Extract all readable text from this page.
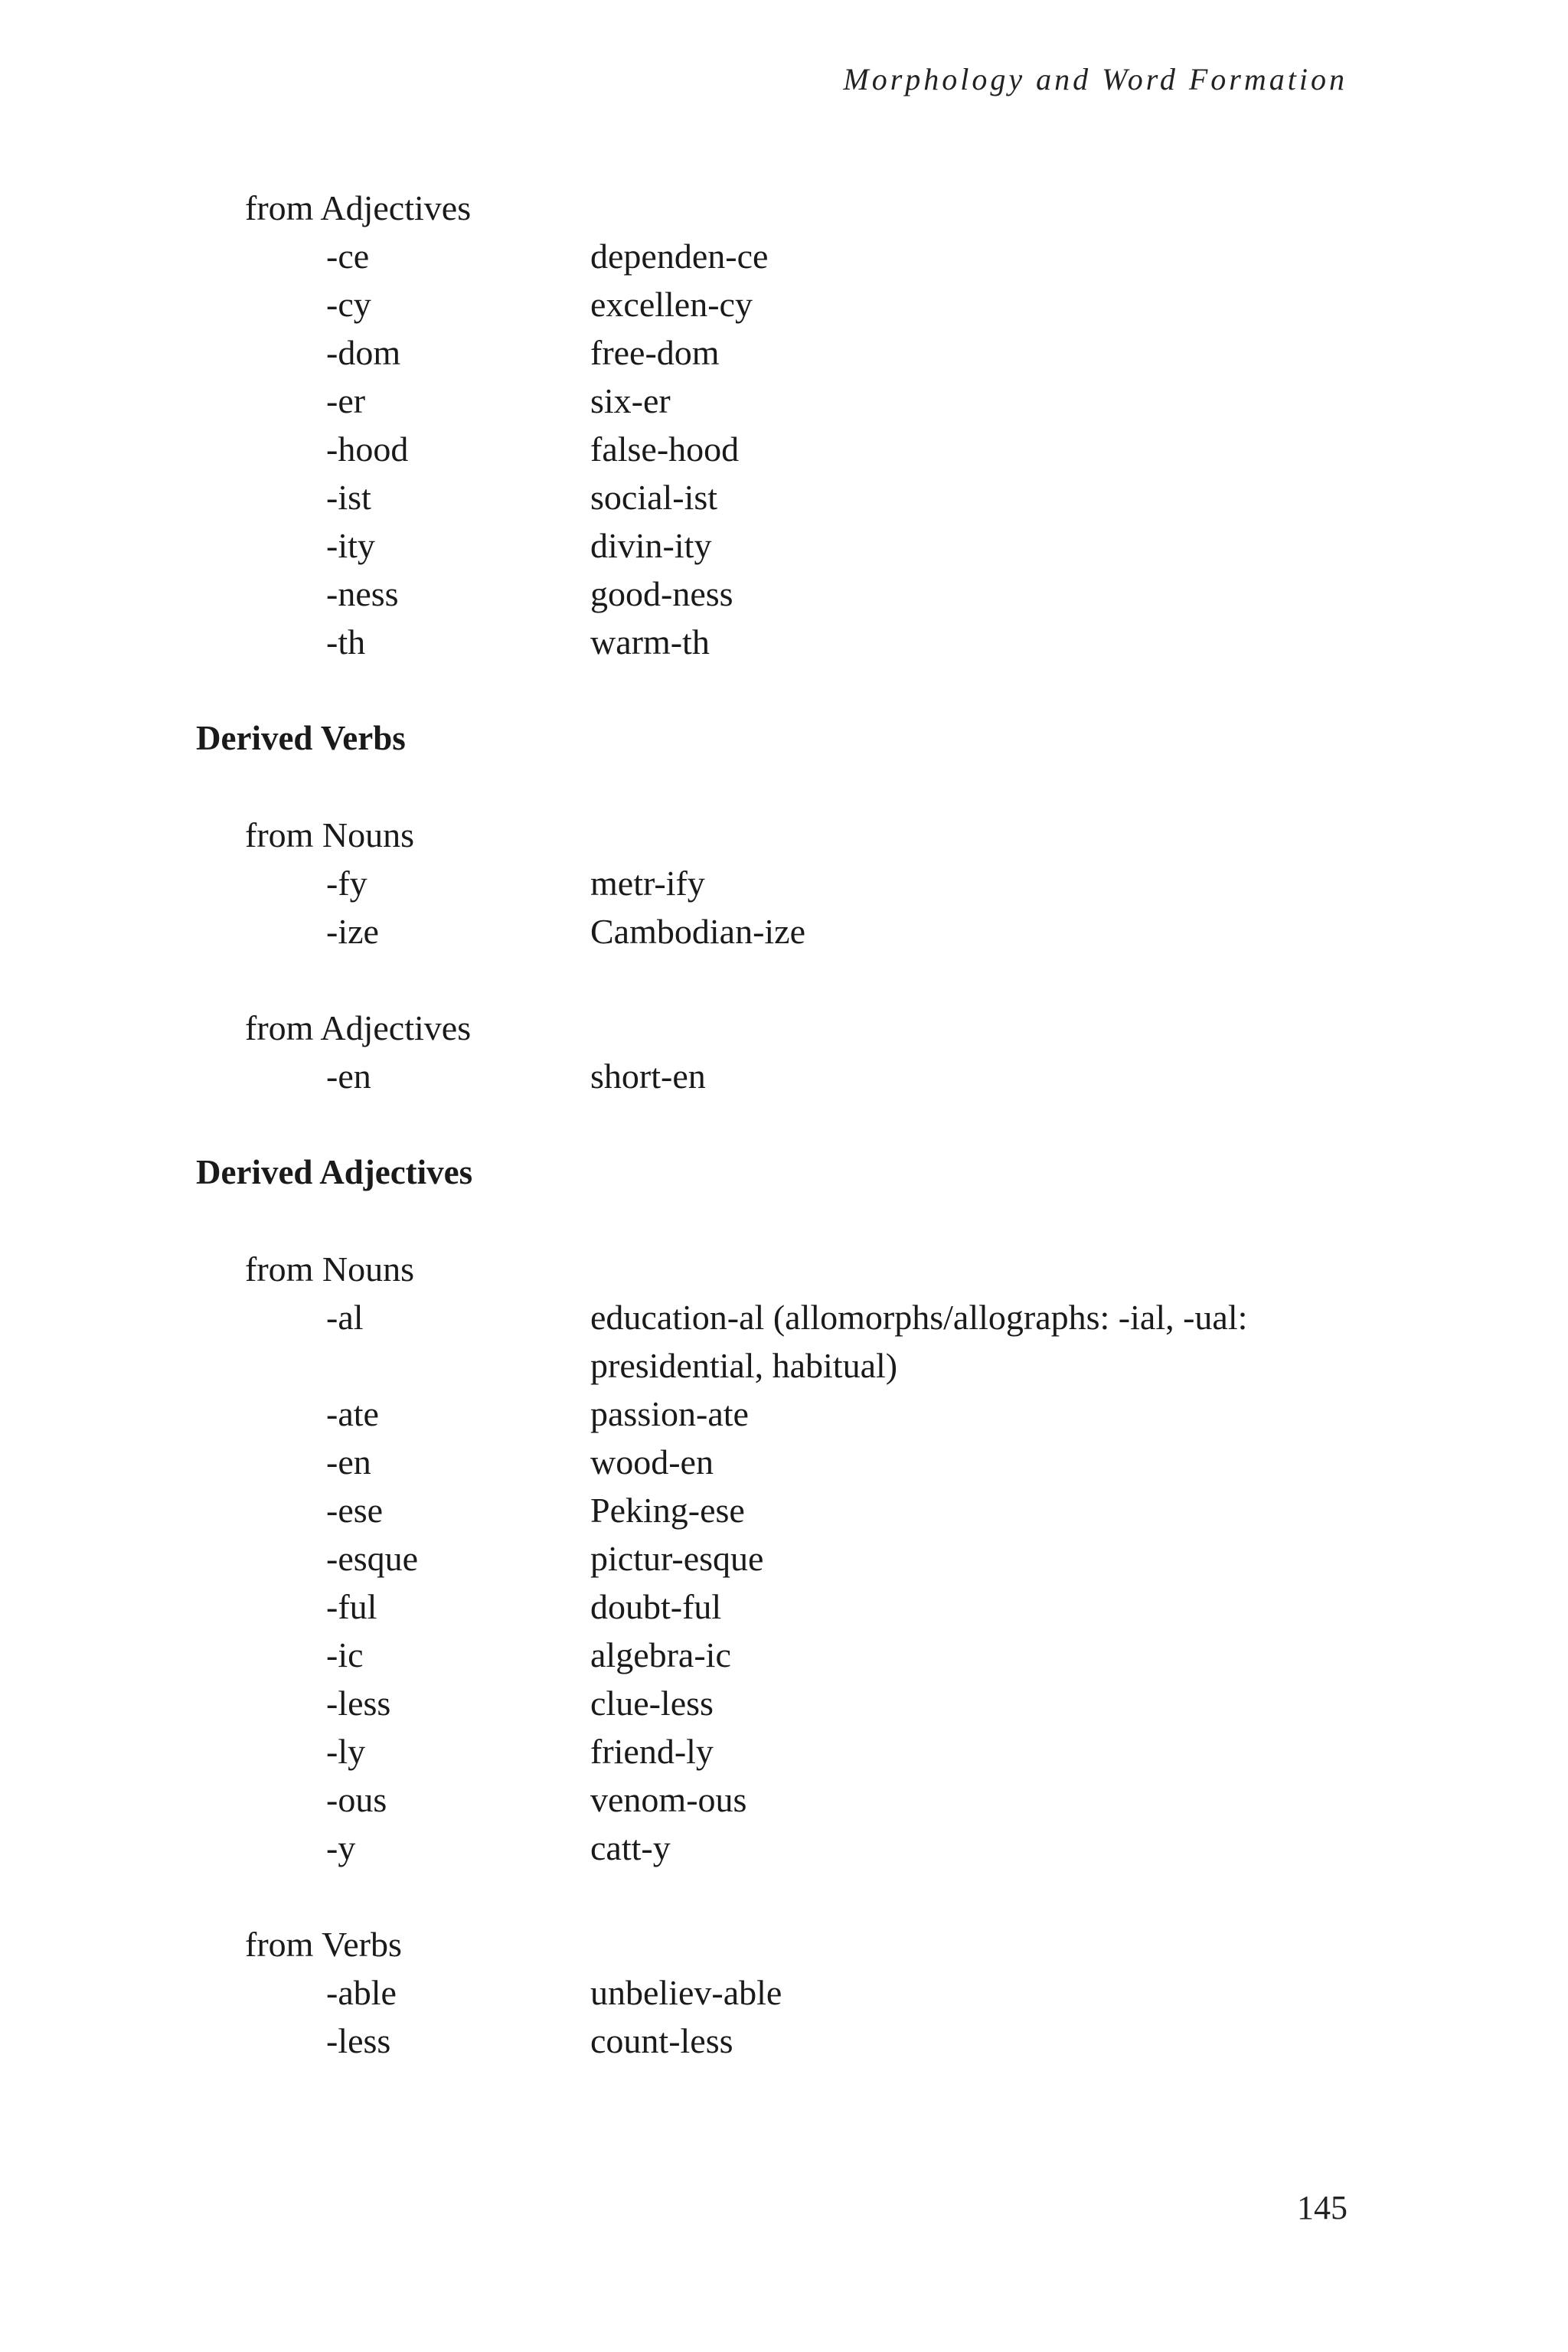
Morphology and Word Formation
from Adjectives
-ce	dependen-ce
-cy	excellen-cy
-dom	free-dom
-er	six-er
-hood	false-hood
-ist	social-ist
-ity	divin-ity
-ness	good-ness
-th	warm-th
Derived Verbs
from Nouns
-fy	metr-ify
-ize	Cambodian-ize
from Adjectives
-en	short-en
Derived Adjectives
from Nouns
-al	education-al (allomorphs/allographs: -ial, -ual: presidential, habitual)
-ate	passion-ate
-en	wood-en
-ese	Peking-ese
-esque	pictur-esque
-ful	doubt-ful
-ic	algebra-ic
-less	clue-less
-ly	friend-ly
-ous	venom-ous
-y	catt-y
from Verbs
-able	unbeliev-able
-less	count-less
145
